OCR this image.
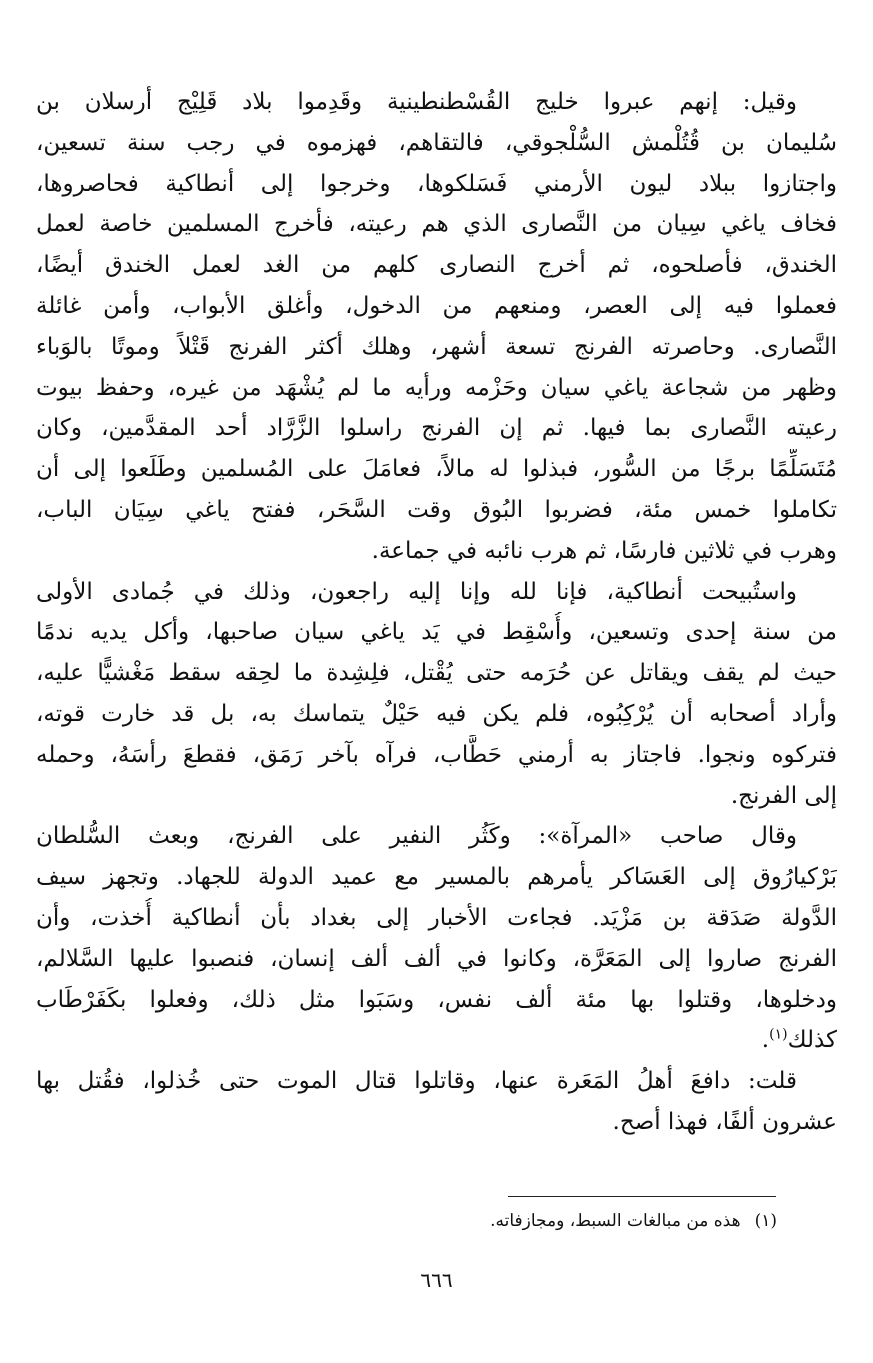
وقيل: إنهم عبروا خليج القُسْطنطينية وقَدِموا بلاد قَلِيْج أرسلان بن
سُليمان بن قُتُلْمش السُّلْجوقي، فالتقاهم، فهزموه في رجب سنة تسعين،
واجتازوا ببلاد ليون الأرمني فَسَلكوها، وخرجوا إلى أنطاكية فحاصروها،
فخاف ياغي سِيان من النَّصارى الذي هم رعيته، فأخرج المسلمين خاصة لعمل
الخندق، فأصلحوه، ثم أخرج النصارى كلهم من الغد لعمل الخندق أيضًا،
فعملوا فيه إلى العصر، ومنعهم من الدخول، وأغلق الأبواب، وأمن غائلة
النَّصارى. وحاصرته الفرنج تسعة أشهر، وهلك أكثر الفرنج قَتْلاً وموتًا بالوَباء
وظهر من شجاعة ياغي سيان وحَزْمه ورأيه ما لم يُشْهَد من غيره، وحفظ بيوت
رعيته النَّصارى بما فيها. ثم إن الفرنج راسلوا الزَّرَّاد أحد المقدَّمين، وكان
مُتَسَلِّمًا برجًا من السُّور، فبذلوا له مالاً، فعامَلَ على المُسلمين وطَلَعوا إلى أن
تكاملوا خمس مئة، فضربوا البُوق وقت السَّحَر، ففتح ياغي سِيَان الباب،
وهرب في ثلاثين فارسًا، ثم هرب نائبه في جماعة.
واستُبيحت أنطاكية، فإنا لله وإنا إليه راجعون، وذلك في جُمادى الأولى
من سنة إحدى وتسعين، وأُسْقِط في يَد ياغي سيان صاحبها، وأكل يديه ندمًا
حيث لم يقف ويقاتل عن حُرَمه حتى يُقْتل، فلِشِدة ما لحِقه سقط مَغْشيًّا عليه،
وأراد أصحابه أن يُرْكِبُوه، فلم يكن فيه حَيْلٌ يتماسك به، بل قد خارت قوته،
فتركوه ونجوا. فاجتاز به أرمني حَطَّاب، فرآه بآخر رَمَق، فقطعَ رأسَهُ، وحمله
إلى الفرنج.
وقال صاحب «المرآة»: وكَثُر النفير على الفرنج، وبعث السُّلطان
بَرْكيارُوق إلى العَسَاكر يأمرهم بالمسير مع عميد الدولة للجهاد. وتجهز سيف
الدَّولة صَدَقة بن مَزْيَد. فجاءت الأخبار إلى بغداد بأن أنطاكية أُخذت، وأن
الفرنج صاروا إلى المَعَرَّة، وكانوا في ألف ألف إنسان، فنصبوا عليها السَّلالم،
ودخلوها، وقتلوا بها مئة ألف نفس، وسَبَوا مثل ذلك، وفعلوا بكَفَرْطَاب
كذلك$^{(١)}$.
قلت: دافعَ أهلُ المَعَرة عنها، وقاتلوا قتال الموت حتى خُذلوا، فقُتل بها
عشرون ألفًا، فهذا أصح.
(١)هذه من مبالغات السبط، ومجازفاته.
٦٦٦
